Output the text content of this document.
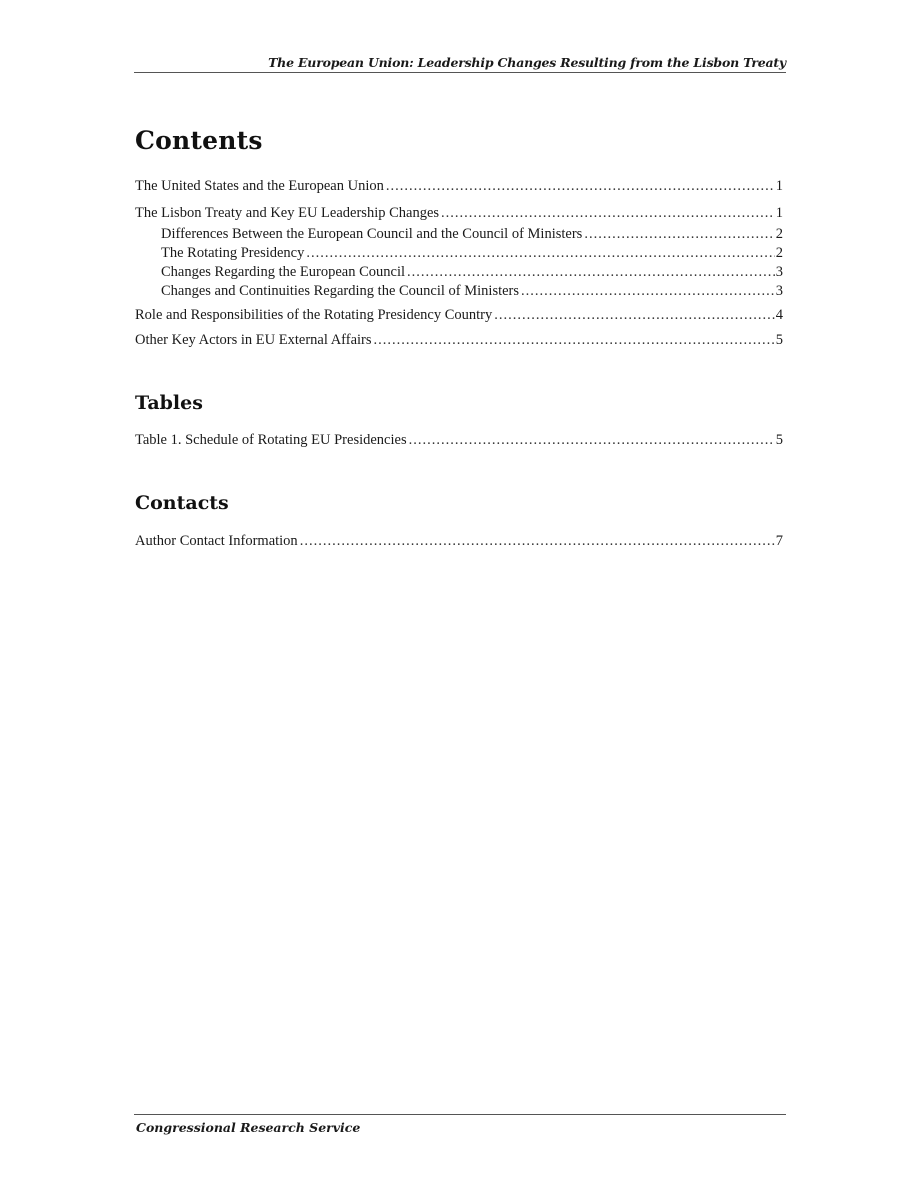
The European Union: Leadership Changes Resulting from the Lisbon Treaty
Contents
The United States and the European Union .....	1
The Lisbon Treaty and Key EU Leadership Changes .....	1
Differences Between the European Council and the Council of Ministers .....	2
The Rotating Presidency .....	2
Changes Regarding the European Council .....	3
Changes and Continuities Regarding the Council of Ministers .....	3
Role and Responsibilities of the Rotating Presidency Country .....	4
Other Key Actors in EU External Affairs .....	5
Tables
Table 1. Schedule of Rotating EU Presidencies .....	5
Contacts
Author Contact Information .....	7
Congressional Research Service
